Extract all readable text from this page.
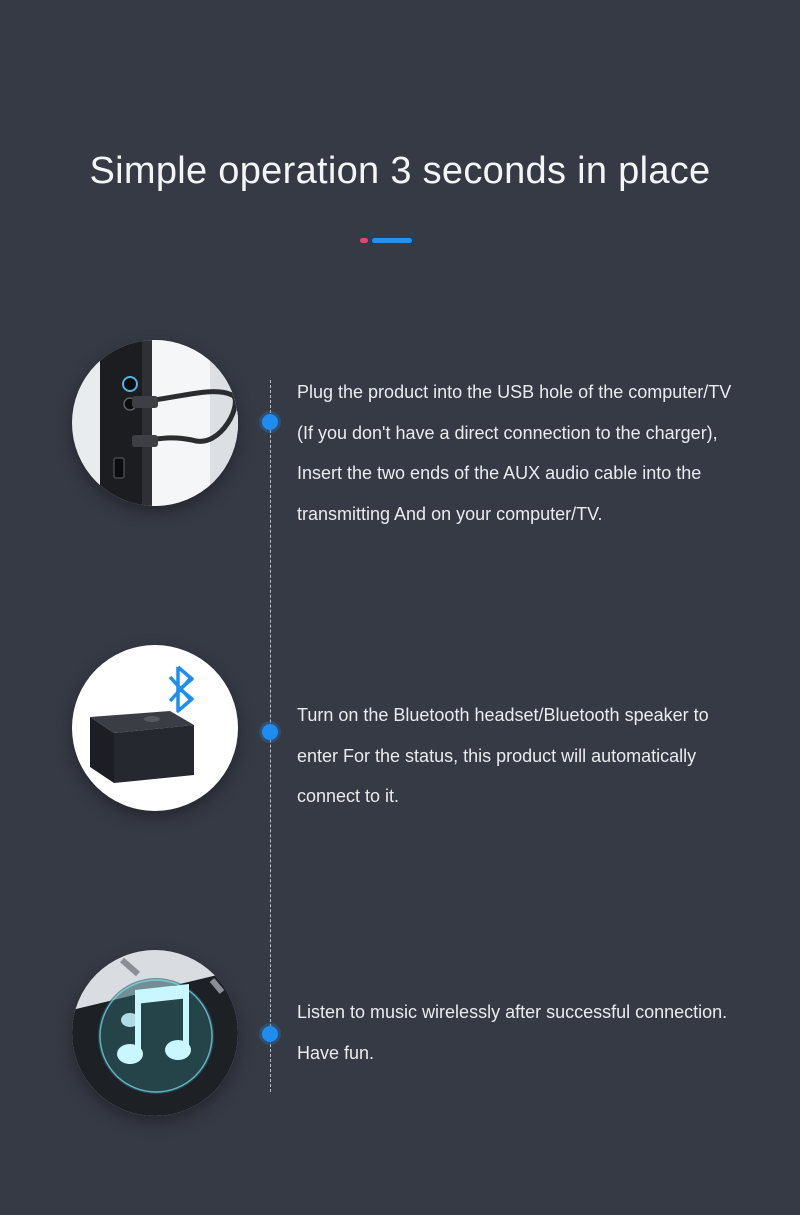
Simple operation 3 seconds in place
Plug the product into the USB hole of the computer/TV
(If you don't have a direct connection to the charger),
Insert the two ends of the AUX audio cable into the
transmitting And on your computer/TV.
Turn on the Bluetooth headset/Bluetooth speaker to
enter For the status, this product will automatically
connect to it.
Listen to music wirelessly after successful connection.
Have fun.
